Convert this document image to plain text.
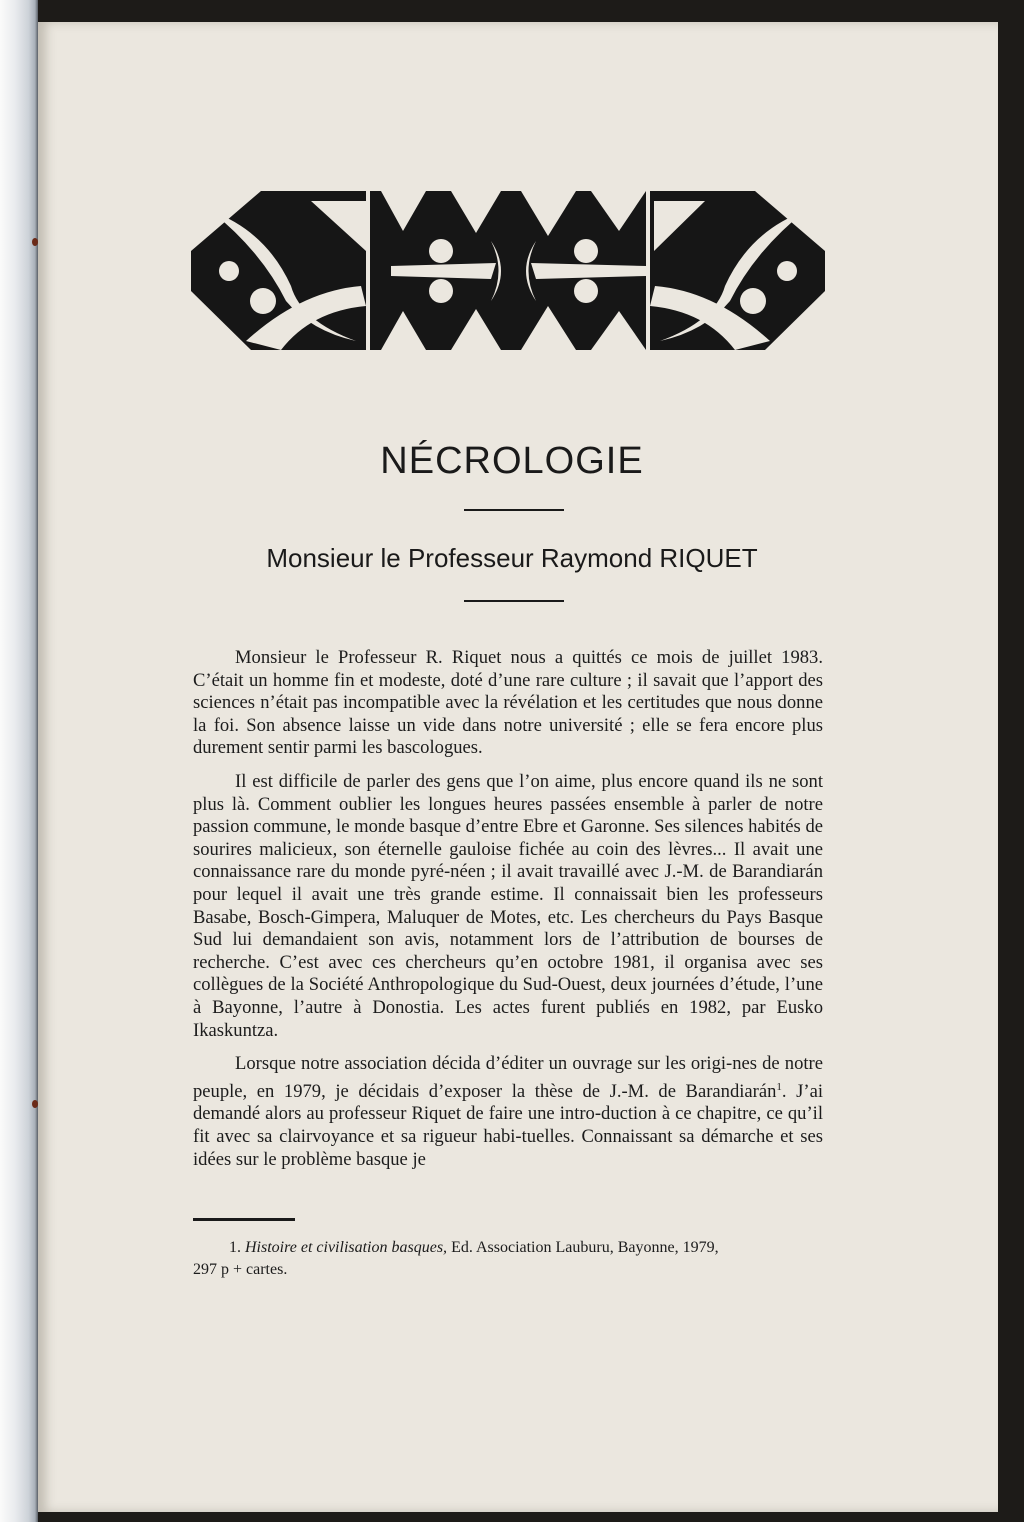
NÉCROLOGIE
Monsieur le Professeur Raymond RIQUET

Monsieur le Professeur R. Riquet nous a quittés ce mois de juillet 1983. C’était un homme fin et modeste, doté d’une rare culture ; il savait que l’apport des sciences n’était pas incompatible avec la révélation et les certitudes que nous donne la foi. Son absence laisse un vide dans notre université ; elle se fera encore plus durement sentir parmi les bascologues.

Il est difficile de parler des gens que l’on aime, plus encore quand ils ne sont plus là. Comment oublier les longues heures passées ensemble à parler de notre passion commune, le monde basque d’entre Ebre et Garonne. Ses silences habités de sourires malicieux, son éternelle gauloise fichée au coin des lèvres... Il avait une connaissance rare du monde pyré-néen ; il avait travaillé avec J.-M. de Barandiarán pour lequel il avait une très grande estime. Il connaissait bien les professeurs Basabe, Bosch-Gimpera, Maluquer de Motes, etc. Les chercheurs du Pays Basque Sud lui demandaient son avis, notamment lors de l’attribution de bourses de recherche. C’est avec ces chercheurs qu’en octobre 1981, il organisa avec ses collègues de la Société Anthropologique du Sud-Ouest, deux journées d’étude, l’une à Bayonne, l’autre à Donostia. Les actes furent publiés en 1982, par Eusko Ikaskuntza.

Lorsque notre association décida d’éditer un ouvrage sur les origi-nes de notre peuple, en 1979, je décidais d’exposer la thèse de J.-M. de Barandiarán$^1$. J’ai demandé alors au professeur Riquet de faire une intro-duction à ce chapitre, ce qu’il fit avec sa clairvoyance et sa rigueur habi-tuelles. Connaissant sa démarche et ses idées sur le problème basque je

1. Histoire et civilisation basques, Ed. Association Lauburu, Bayonne, 1979,
297 p + cartes.
